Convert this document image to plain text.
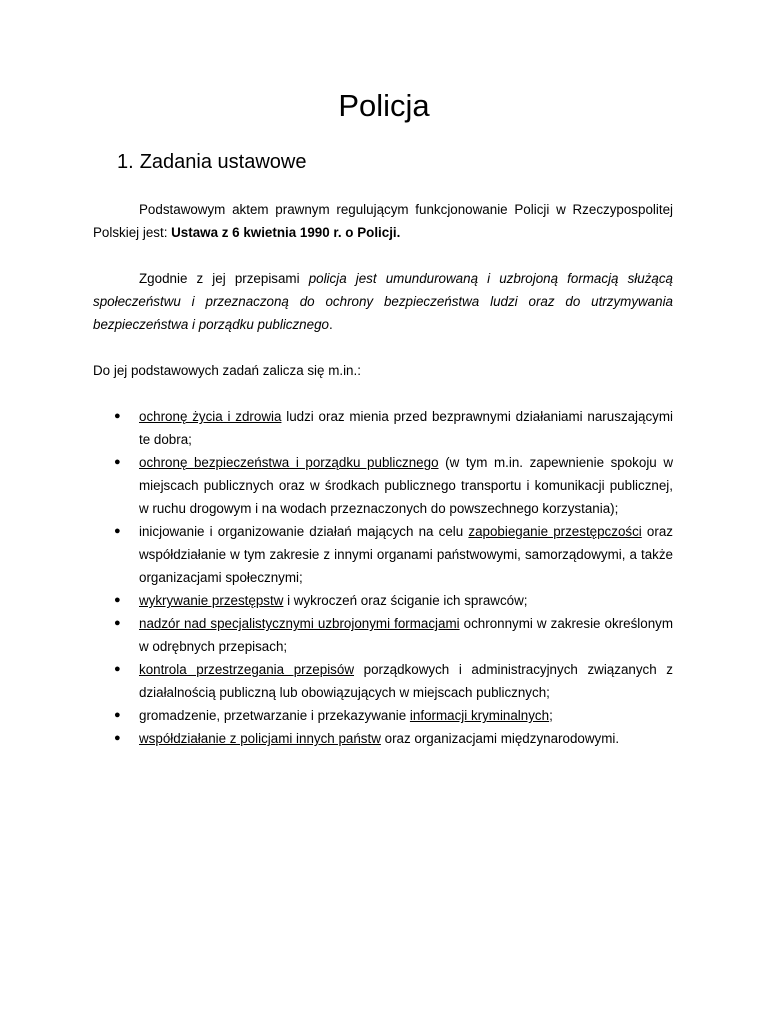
Policja
1. Zadania ustawowe

Podstawowym aktem prawnym regulującym funkcjonowanie Policji w Rzeczypospolitej Polskiej jest: Ustawa z 6 kwietnia 1990 r. o Policji.

Zgodnie z jej przepisami policja jest umundurowaną i uzbrojoną formacją służącą społeczeństwu i przeznaczoną do ochrony bezpieczeństwa ludzi oraz do utrzymywania bezpieczeństwa i porządku publicznego.

Do jej podstawowych zadań zalicza się m.in.:

● ochronę życia i zdrowia ludzi oraz mienia przed bezprawnymi działaniami naruszającymi te dobra;
● ochronę bezpieczeństwa i porządku publicznego (w tym m.in. zapewnienie spokoju w miejscach publicznych oraz w środkach publicznego transportu i komunikacji publicznej, w ruchu drogowym i na wodach przeznaczonych do powszechnego korzystania);
● inicjowanie i organizowanie działań mających na celu zapobieganie przestępczości oraz współdziałanie w tym zakresie z innymi organami państwowymi, samorządowymi, a także organizacjami społecznymi;
● wykrywanie przestępstw i wykroczeń oraz ściganie ich sprawców;
● nadzór nad specjalistycznymi uzbrojonymi formacjami ochronnymi w zakresie określonym w odrębnych przepisach;
● kontrola przestrzegania przepisów porządkowych i administracyjnych związanych z działalnością publiczną lub obowiązujących w miejscach publicznych;
● gromadzenie, przetwarzanie i przekazywanie informacji kryminalnych;
● współdziałanie z policjami innych państw oraz organizacjami międzynarodowymi.
